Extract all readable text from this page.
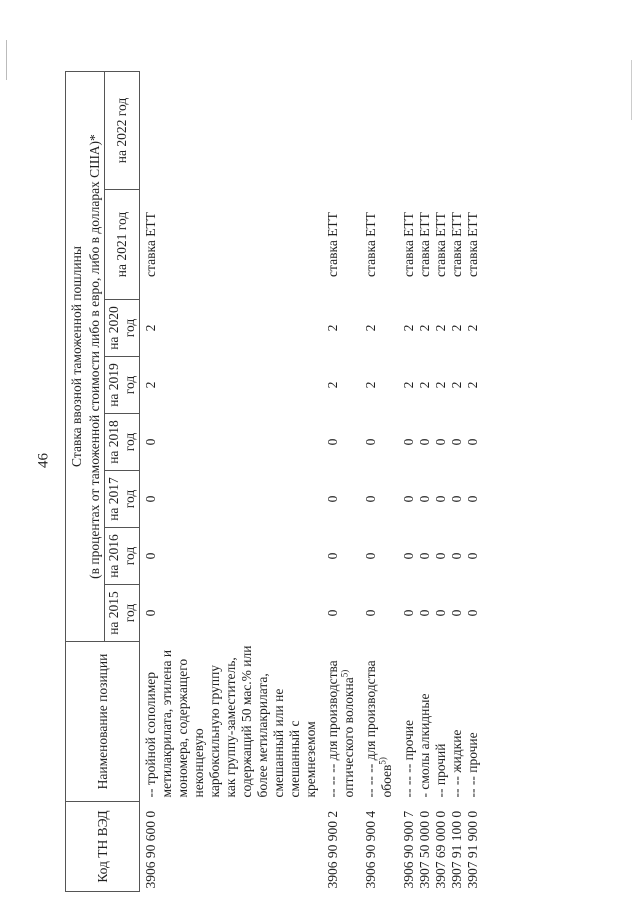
46
Код ТН ВЭД	Наименование позиции	Ставка ввозной таможенной пошлины							
		(в процентах от таможенной стоимости либо в евро, либо в долларах США)*							
		на 2015 год	на 2016 год	на 2017 год	на 2018 год	на 2019 год	на 2020 год	на 2021 год	на 2022 год
3906 90 600 0	-- тройной сополимер метилакрилата, этилена и мономера, содержащего неконцевую карбоксильную группу как группу-заместитель, содержащий 50 мас.% или более метилакрилата, смешанный или не смешанный с кремнеземом	0	0	0	0	2	2	ставка ЕТТ	

3906 90 900 2	-- -- -- для производства оптического волокна$^{5)}$	0	0	0	0	2	2	ставка ЕТТ	

3906 90 900 4	-- -- -- для производства обоев$^{5)}$	0	0	0	0	2	2	ставка ЕТТ	

3906 90 900 7	-- -- -- прочие	0	0	0	0	2	2	ставка ЕТТ	
3907 50 000 0	- смолы алкидные	0	0	0	0	2	2	ставка ЕТТ	
3907 69 000 0	-- прочий	0	0	0	0	2	2	ставка ЕТТ	
3907 91 100 0	-- -- жидкие	0	0	0	0	2	2	ставка ЕТТ	
3907 91 900 0	-- -- прочие	0	0	0	0	2	2	ставка ЕТТ	
